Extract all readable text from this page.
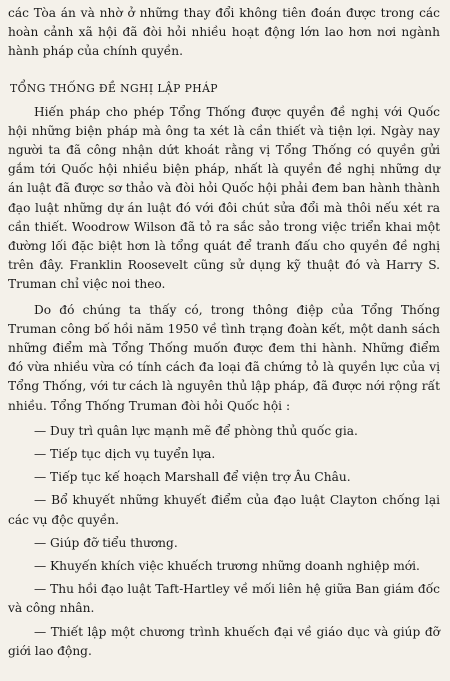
các Tòa án và nhờ ở những thay đổi không tiên đoán được trong các hoàn cảnh xã hội đã đòi hỏi nhiều hoạt động lớn lao hơn nơi ngành hành pháp của chính quyền.

TỔNG THỐNG ĐỀ NGHỊ LẬP PHÁP

Hiến pháp cho phép Tổng Thống được quyền đề nghị với Quốc hội những biện pháp mà ông ta xét là cần thiết và tiện lợi. Ngày nay người ta đã công nhận dứt khoát rằng vị Tổng Thống có quyền gửi gắm tới Quốc hội nhiều biện pháp, nhất là quyền đề nghị những dự án luật đã được sơ thảo và đòi hỏi Quốc hội phải đem ban hành thành đạo luật những dự án luật đó với đôi chút sửa đổi mà thôi nếu xét ra cần thiết. Woodrow Wilson đã tỏ ra sắc sảo trong việc triển khai một đường lối đặc biệt hơn là tổng quát để tranh đấu cho quyền đề nghị trên đây. Franklin Roosevelt cũng sử dụng kỹ thuật đó và Harry S. Truman chỉ việc noi theo.

Do đó chúng ta thấy có, trong thông điệp của Tổng Thống Truman công bố hồi năm 1950 về tình trạng đoàn kết, một danh sách những điểm mà Tổng Thống muốn được đem thi hành. Những điểm đó vừa nhiều vừa có tính cách đa loại đã chứng tỏ là quyền lực của vị Tổng Thống, với tư cách là nguyên thủ lập pháp, đã được nới rộng rất nhiều. Tổng Thống Truman đòi hỏi Quốc hội :

— Duy trì quân lực mạnh mẽ để phòng thủ quốc gia.

— Tiếp tục dịch vụ tuyển lựa.

— Tiếp tục kế hoạch Marshall để viện trợ Âu Châu.

— Bổ khuyết những khuyết điểm của đạo luật Clayton chống lại các vụ độc quyền.

— Giúp đỡ tiểu thương.

— Khuyến khích việc khuếch trương những doanh nghiệp mới.

— Thu hồi đạo luật Taft-Hartley về mối liên hệ giữa Ban giám đốc và công nhân.

— Thiết lập một chương trình khuếch đại về giáo dục và giúp đỡ giới lao động.
